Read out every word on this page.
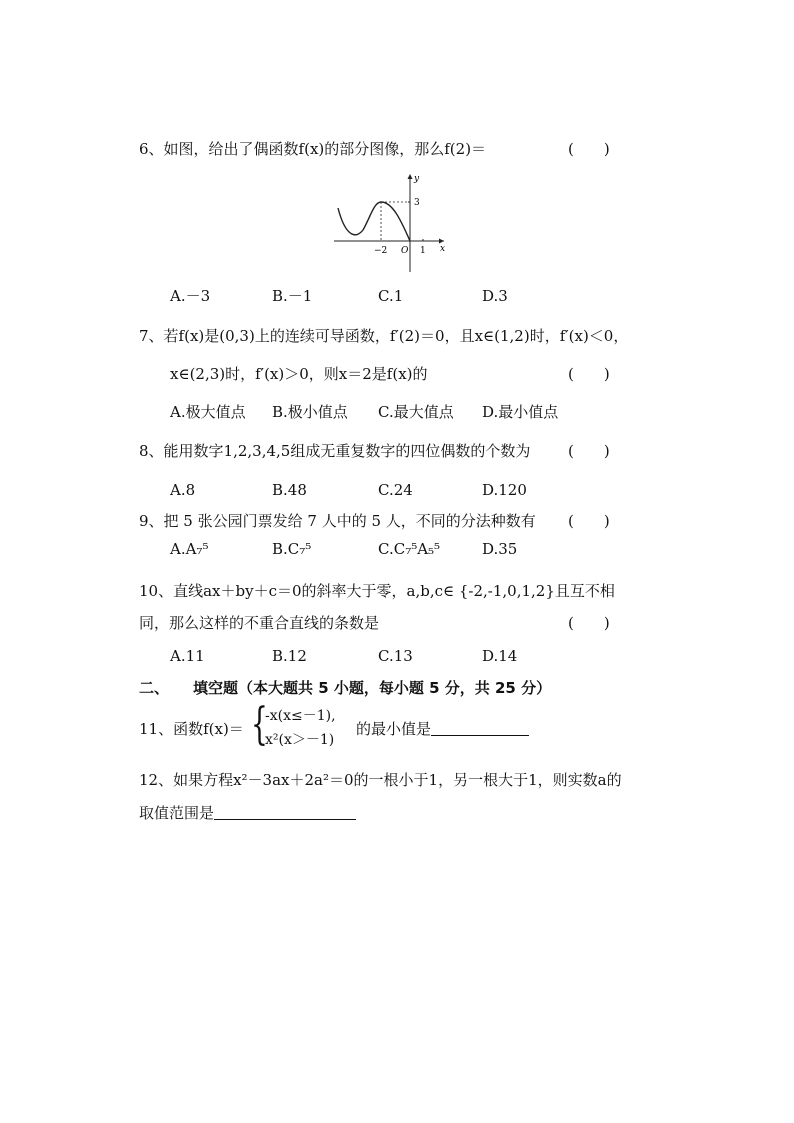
6、如图，给出了偶函数f(x)的部分图像，那么f(2)＝	(　　)
y
x
3
−2 O 1
A.－3	B.－1	C.1	D.3
7、若f(x)是(0,3)上的连续可导函数，f′(2)＝0，且x∈(1,2)时，f′(x)＜0，
x∈(2,3)时，f′(x)＞0，则x＝2是f(x)的	(　　)
A.极大值点 B.极小值点 C.最大值点 D.最小值点
8、能用数字1,2,3,4,5组成无重复数字的四位偶数的个数为	(　　)
A.8	B.48	C.24	D.120
9、把 5 张公园门票发给 7 人中的 5 人，不同的分法种数有 (　　)
A.A₇⁵	B.C₇⁵	C.C₇⁵A₅⁵	D.35
10、直线ax＋by＋c＝0的斜率大于零，a,b,c∈ {-2,-1,0,1,2}且互不相
同，那么这样的不重合直线的条数是	(　　)
A.11	B.12	C.13	D.14
二、 填空题（本大题共 5 小题，每小题 5 分，共 25 分）
11、函数f(x)＝ {
-x(x≤－1),
x²(x＞－1)
的最小值是
12、如果方程x²－3ax＋2a²＝0的一根小于1，另一根大于1，则实数a的
取值范围是
